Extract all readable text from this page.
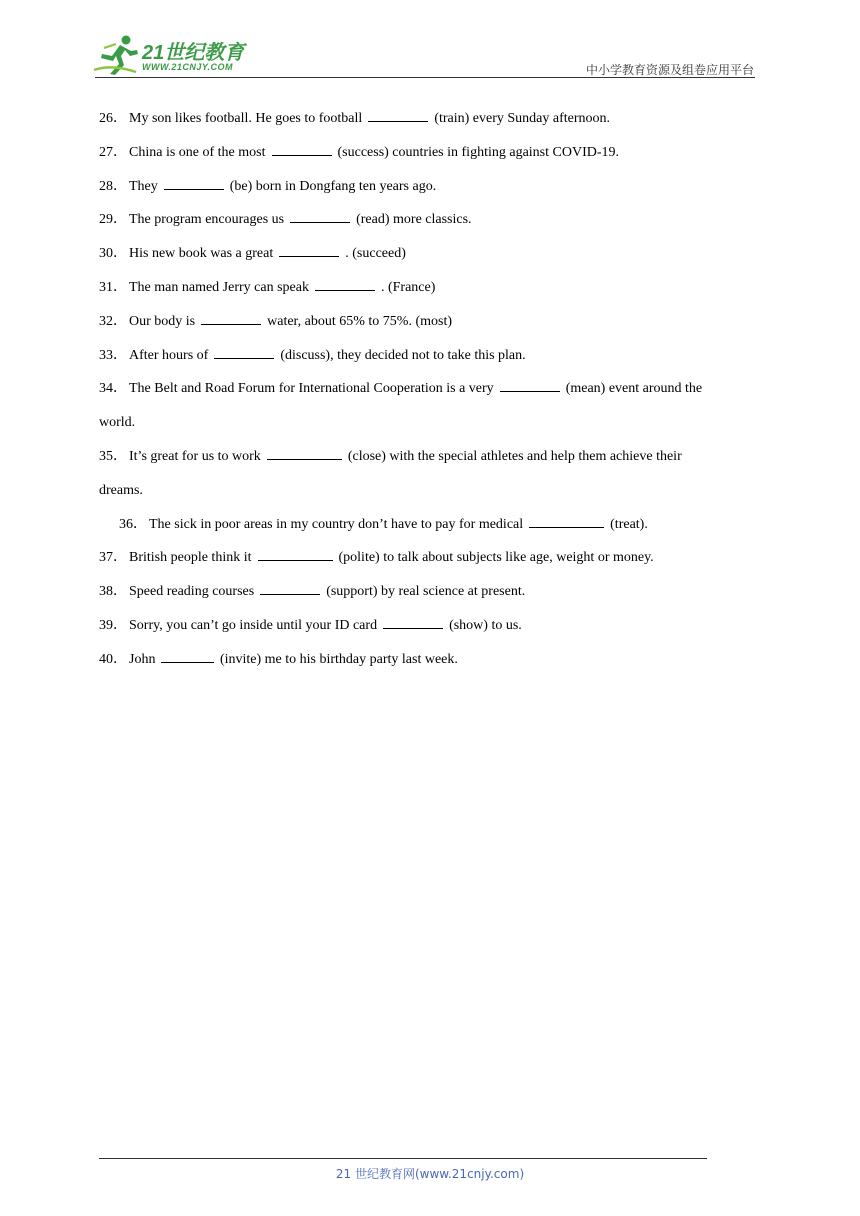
21世纪教育
WWW.21CNJY.COM	中小学教育资源及组卷应用平台
26． My son likes football. He goes to football	(train) every Sunday afternoon.
27． China is one of the most	(success) countries in fighting against COVID-19.
28． They	(be) born in Dongfang ten years ago.
29． The program encourages us	(read) more classics.
30． His new book was a great	. (succeed)
31． The man named Jerry can speak	. (France)
32． Our body is	water, about 65% to 75%. (most)
33． After hours of	(discuss), they decided not to take this plan.
34． The Belt and Road Forum for International Cooperation is a very	(mean) event around the
world.
35． It’s great for us to work	(close) with the special athletes and help them achieve their
dreams.
36． The sick in poor areas in my country don’t have to pay for medical	(treat).
37． British people think it	(polite) to talk about subjects like age, weight or money.
38． Speed reading courses	(support) by real science at present.
39． Sorry, you can’t go inside until your ID card	(show) to us.
40． John	(invite) me to his birthday party last week.
21 世纪教育网(www.21cnjy.com)
